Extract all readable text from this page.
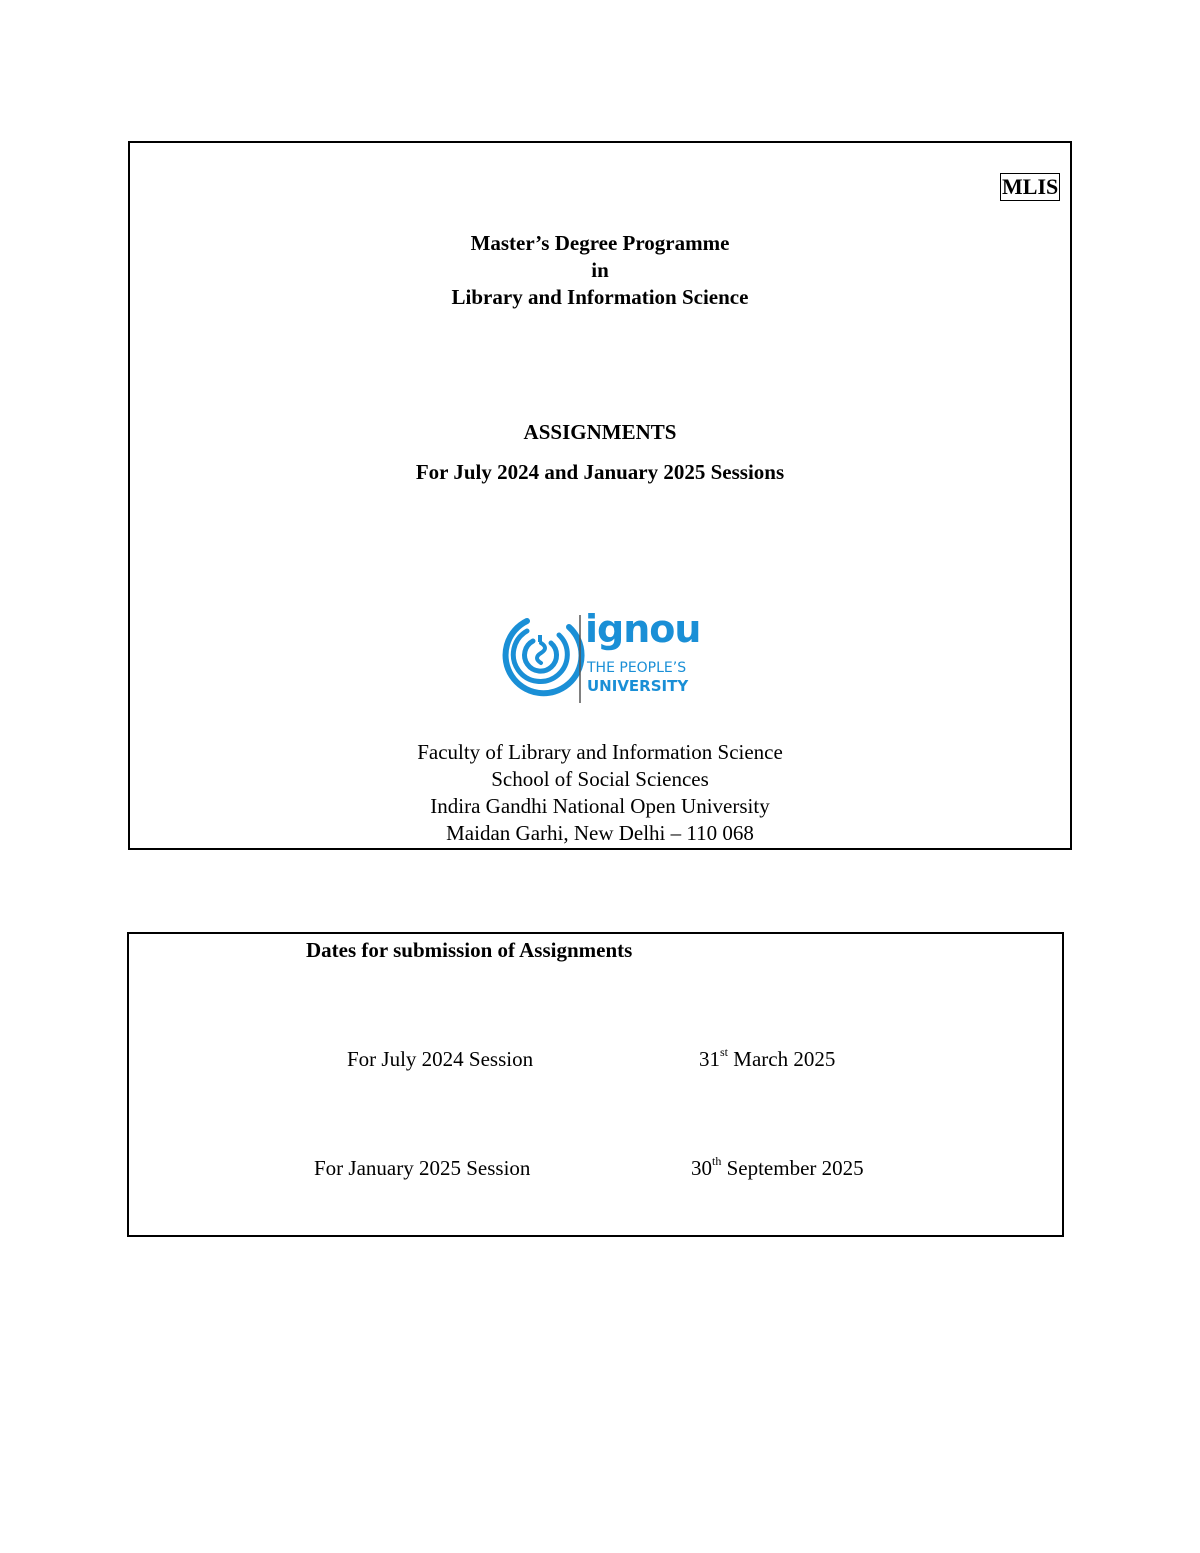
MLIS
Master’s Degree Programme
in
Library and Information Science
ASSIGNMENTS
For July 2024 and January 2025 Sessions
ignou
THE PEOPLE’S
UNIVERSITY
Faculty of Library and Information Science
School of Social Sciences
Indira Gandhi National Open University
Maidan Garhi, New Delhi – 110 068
Dates for submission of Assignments
For July 2024 Session	31st March 2025
For January 2025 Session	30th September 2025
